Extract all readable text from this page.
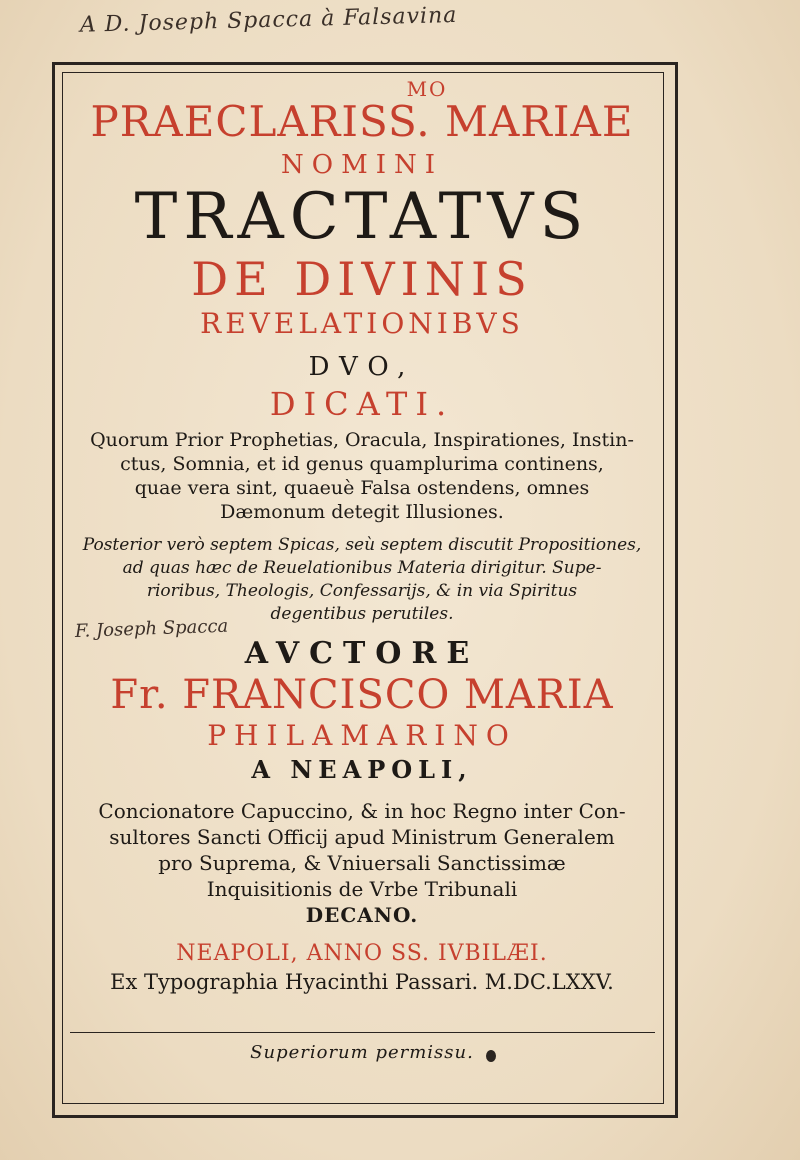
A D. Joseph Spacca à Falsavina
MO
PRAECLARISS. MARIAE
NOMINI
TRACTATVS
DE DIVINIS
REVELATIONIBVS
DVO,
DICATI.

Quorum Prior Prophetias, Oracula, Inspirationes, Instin-

ctus, Somnia, et id genus quamplurima continens,

quae vera sint, quaeuè Falsa ostendens, omnes

Dæmonum detegit Illusiones.

Posterior verò septem Spicas, seù septem discutit Propositiones,

ad quas hæc de Reuelationibus Materia dirigitur. Supe-

rioribus, Theologis, Confessarijs, & in via Spiritus

degentibus perutiles.

AVCTORE
Fr. FRANCISCO MARIA
PHILAMARINO
A NEAPOLI,

Concionatore Capuccino, & in hoc Regno inter Con-

sultores Sancti Officij apud Ministrum Generalem

pro Suprema, & Vniuersali Sanctissimæ

Inquisitionis de Vrbe Tribunali

DECANO.
NEAPOLI, ANNO SS. IVBILÆI.
Ex Typographia Hyacinthi Passari. M.DC.LXXV.
F. Joseph Spacca
Superiorum permissu.
